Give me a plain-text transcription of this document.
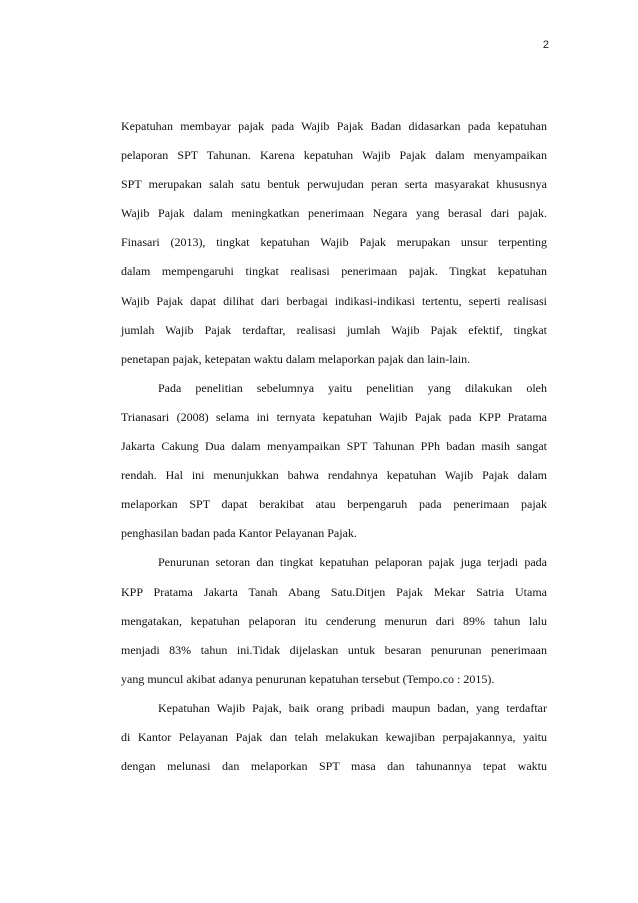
2
Kepatuhan membayar pajak pada Wajib Pajak Badan didasarkan pada kepatuhan
pelaporan SPT Tahunan. Karena kepatuhan Wajib Pajak dalam menyampaikan
SPT merupakan salah satu bentuk perwujudan peran serta masyarakat khususnya
Wajib Pajak dalam meningkatkan penerimaan Negara yang berasal dari pajak.
Finasari (2013), tingkat kepatuhan Wajib Pajak merupakan unsur terpenting
dalam mempengaruhi tingkat realisasi penerimaan pajak. Tingkat kepatuhan
Wajib Pajak dapat dilihat dari berbagai indikasi-indikasi tertentu, seperti realisasi
jumlah Wajib Pajak terdaftar, realisasi jumlah Wajib Pajak efektif, tingkat
penetapan pajak, ketepatan waktu dalam melaporkan pajak dan lain-lain.
Pada penelitian sebelumnya yaitu penelitian yang dilakukan oleh
Trianasari (2008) selama ini ternyata kepatuhan Wajib Pajak pada KPP Pratama
Jakarta Cakung Dua dalam menyampaikan SPT Tahunan PPh badan masih sangat
rendah. Hal ini menunjukkan bahwa rendahnya kepatuhan Wajib Pajak dalam
melaporkan SPT dapat berakibat atau berpengaruh pada penerimaan pajak
penghasilan badan pada Kantor Pelayanan Pajak.
Penurunan setoran dan tingkat kepatuhan pelaporan pajak juga terjadi pada
KPP Pratama Jakarta Tanah Abang Satu.Ditjen Pajak Mekar Satria Utama
mengatakan, kepatuhan pelaporan itu cenderung menurun dari 89% tahun lalu
menjadi 83% tahun ini.Tidak dijelaskan untuk besaran penurunan penerimaan
yang muncul akibat adanya penurunan kepatuhan tersebut (Tempo.co : 2015).
Kepatuhan Wajib Pajak, baik orang pribadi maupun badan, yang terdaftar
di Kantor Pelayanan Pajak dan telah melakukan kewajiban perpajakannya, yaitu
dengan melunasi dan melaporkan SPT masa dan tahunannya tepat waktu
